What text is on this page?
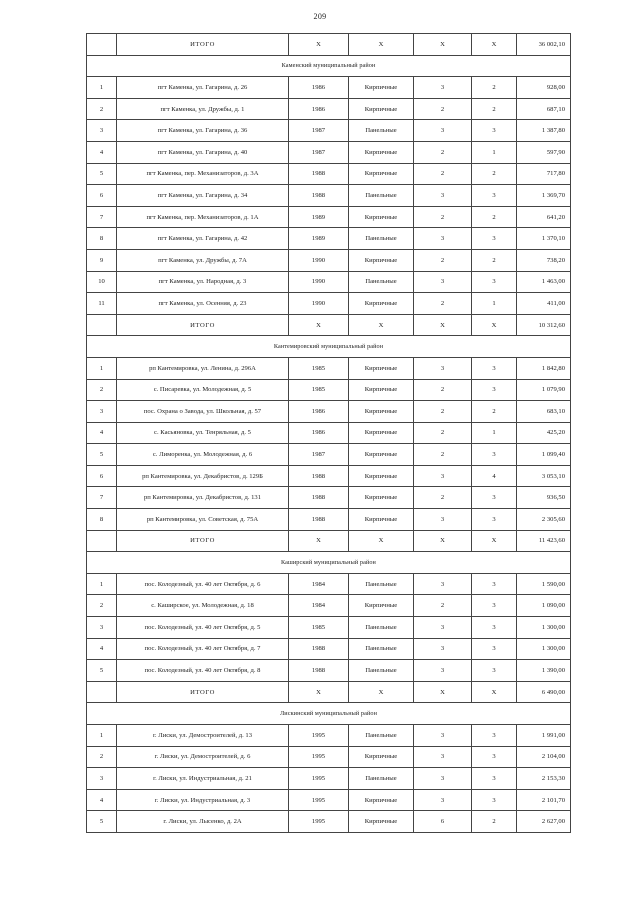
209
	ИТОГО	Х	Х	Х	Х	36 002,10
Каменский муниципальный район						
1	пгт Каменка, ул. Гагарина, д. 26	1986	Кирпичные	3	2	928,00
2	пгт Каменка, ул. Дружбы, д. 1	1986	Кирпичные	2	2	687,10
3	пгт Каменка, ул. Гагарина, д. 36	1987	Панельные	3	3	1 387,80
4	пгт Каменка, ул. Гагарина, д. 40	1987	Кирпичные	2	1	597,90
5	пгт Каменка, пер. Механизаторов, д. 3А	1988	Кирпичные	2	2	717,80
6	пгт Каменка, ул. Гагарина, д. 34	1988	Панельные	3	3	1 369,70
7	пгт Каменка, пер. Механизаторов, д. 1А	1989	Кирпичные	2	2	641,20
8	пгт Каменка, ул. Гагарина, д. 42	1989	Панельные	3	3	1 370,10
9	пгт Каменка, ул. Дружбы, д. 7А	1990	Кирпичные	2	2	738,20
10	пгт Каменка, ул. Народная, д. 3	1990	Панельные	3	3	1 463,00
11	пгт Каменка, ул. Осенняя, д. 23	1990	Кирпичные	2	1	411,00
	ИТОГО	Х	Х	Х	Х	10 312,60
Кантемировский муниципальный район						
1	рп Кантемировка, ул. Ленина, д. 296А	1985	Кирпичные	3	3	1 842,80
2	с. Писаревка, ул. Молодежная, д. 5	1985	Кирпичные	2	3	1 079,90
3	пос. Охрана о Завода, ул. Школьная, д. 57	1986	Кирпичные	2	2	683,10
4	с. Касьяновка, ул. Тенряльная, д. 5	1986	Кирпичные	2	1	425,20
5	с. Лиморенка, ул. Молодежная, д. 6	1987	Кирпичные	2	3	1 099,40
6	рп Кантемировка, ул. Декабристов, д. 129Б	1988	Кирпичные	3	4	3 053,10
7	рп Кантемировка, ул. Декабристов, д. 131	1988	Кирпичные	2	3	936,50
8	рп Кантемировка, ул. Советская, д. 75А	1988	Кирпичные	3	3	2 305,60
	ИТОГО	Х	Х	Х	Х	11 423,60
Каширский муниципальный район						
1	пос. Колодезный, ул. 40 лет Октября, д. 6	1984	Панельные	3	3	1 590,00
2	с. Каширское, ул. Молодежная, д. 18	1984	Кирпичные	2	3	1 090,00
3	пос. Колодезный, ул. 40 лет Октября, д. 5	1985	Панельные	3	3	1 300,00
4	пос. Колодезный, ул. 40 лет Октября, д. 7	1988	Панельные	3	3	1 300,00
5	пос. Колодезный, ул. 40 лет Октября, д. 8	1988	Панельные	3	3	1 390,00
	ИТОГО	Х	Х	Х	Х	6 490,00
Лискинский муниципальный район						
1	г. Лиски, ул. Демостроителей, д. 13	1995	Панельные	3	3	1 991,00
2	г. Лиски, ул. Демостроителей, д. 6	1995	Кирпичные	3	3	2 104,00
3	г. Лиски, ул. Индустриальная, д. 21	1995	Панельные	3	3	2 153,30
4	г. Лиски, ул. Индустриальная, д. 3	1995	Кирпичные	3	3	2 101,70
5	г. Лиски, ул. Лысенко, д. 2А	1995	Кирпичные	6	2	2 627,00
